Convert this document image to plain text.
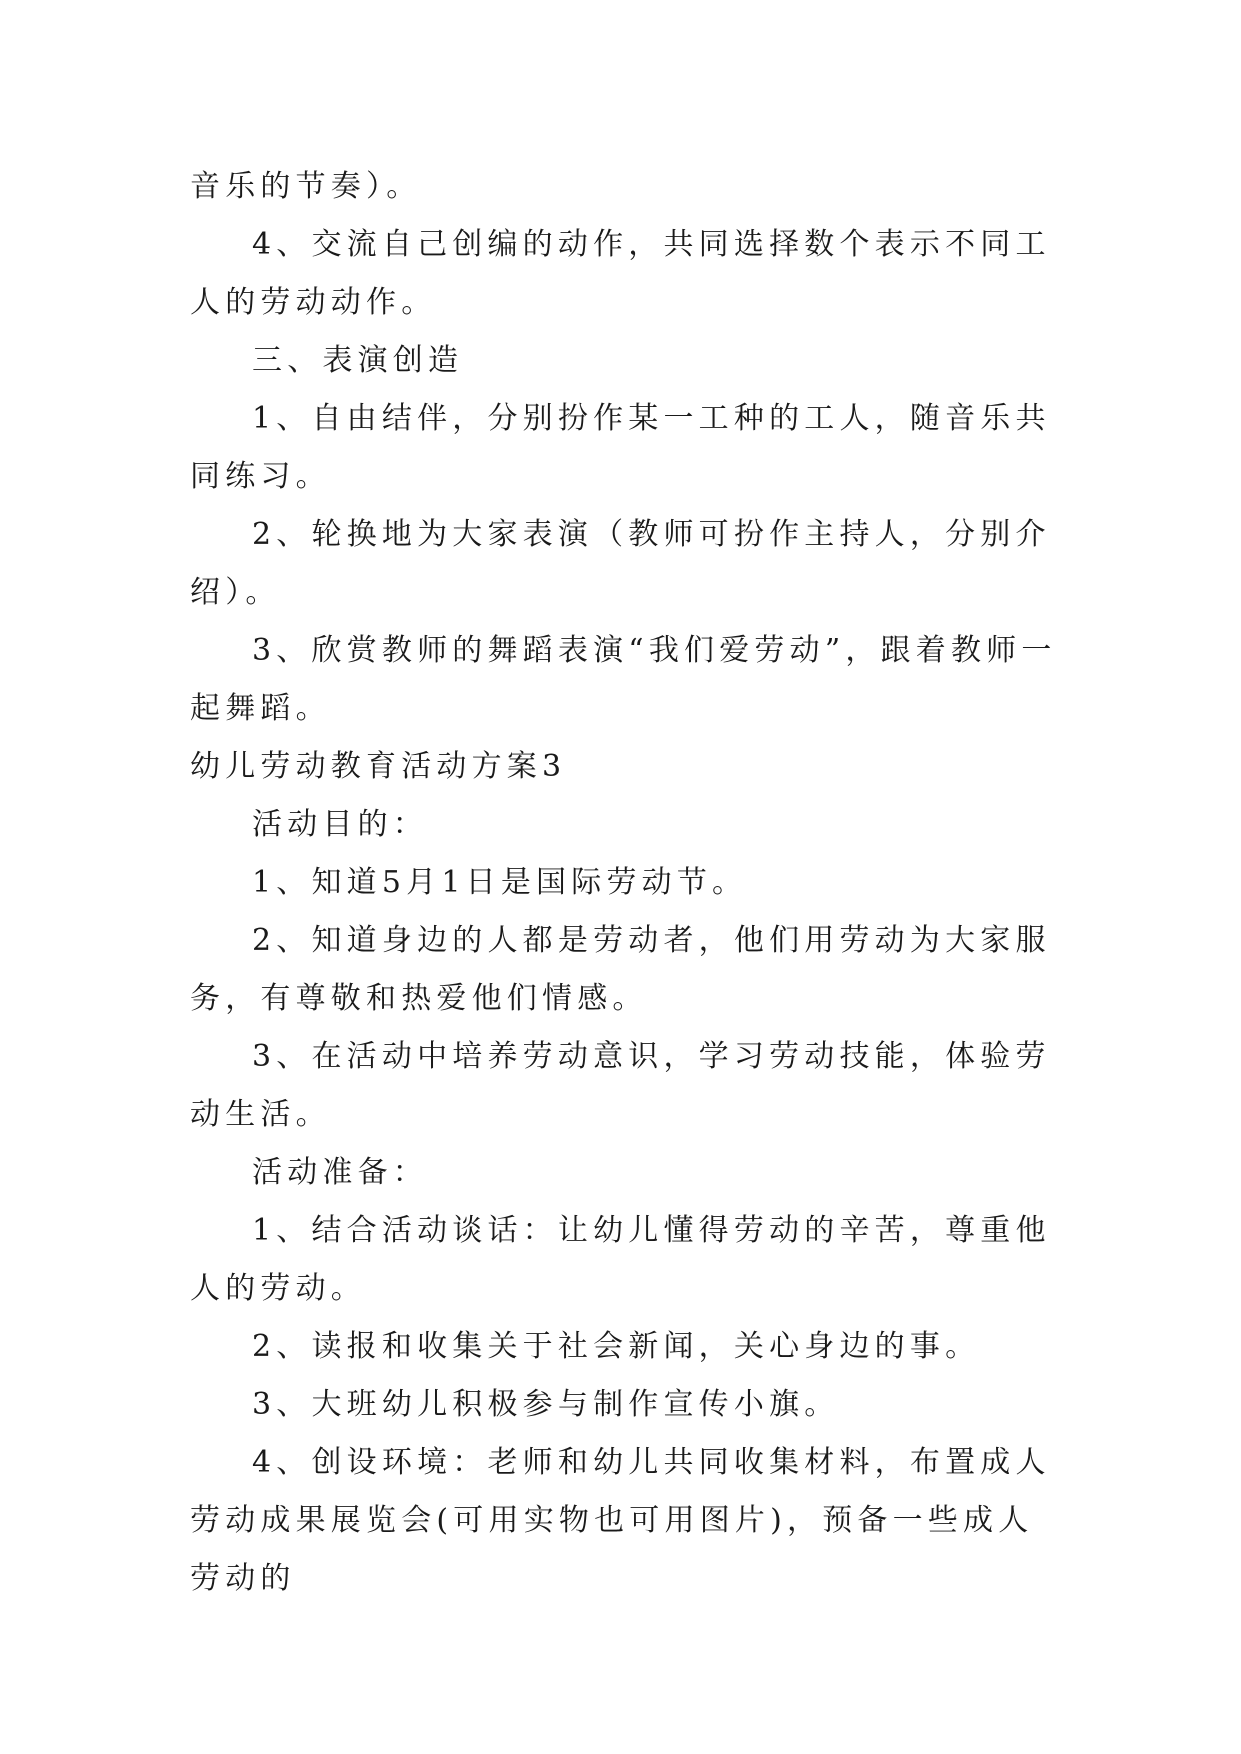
音乐的节奏）。

4、交流自己创编的动作，共同选择数个表示不同工人的劳动动作。

三、表演创造

1、自由结伴，分别扮作某一工种的工人，随音乐共同练习。

2、轮换地为大家表演（教师可扮作主持人，分别介绍）。

3、欣赏教师的舞蹈表演“我们爱劳动”，跟着教师一起舞蹈。

幼儿劳动教育活动方案3

活动目的：

1、知道5月1日是国际劳动节。

2、知道身边的人都是劳动者，他们用劳动为大家服务，有尊敬和热爱他们情感。

3、在活动中培养劳动意识，学习劳动技能，体验劳动生活。

活动准备：

1、结合活动谈话：让幼儿懂得劳动的辛苦，尊重他人的劳动。

2、读报和收集关于社会新闻，关心身边的事。

3、大班幼儿积极参与制作宣传小旗。

4、创设环境：老师和幼儿共同收集材料，布置成人劳动成果展览会(可用实物也可用图片)，预备一些成人劳动的
